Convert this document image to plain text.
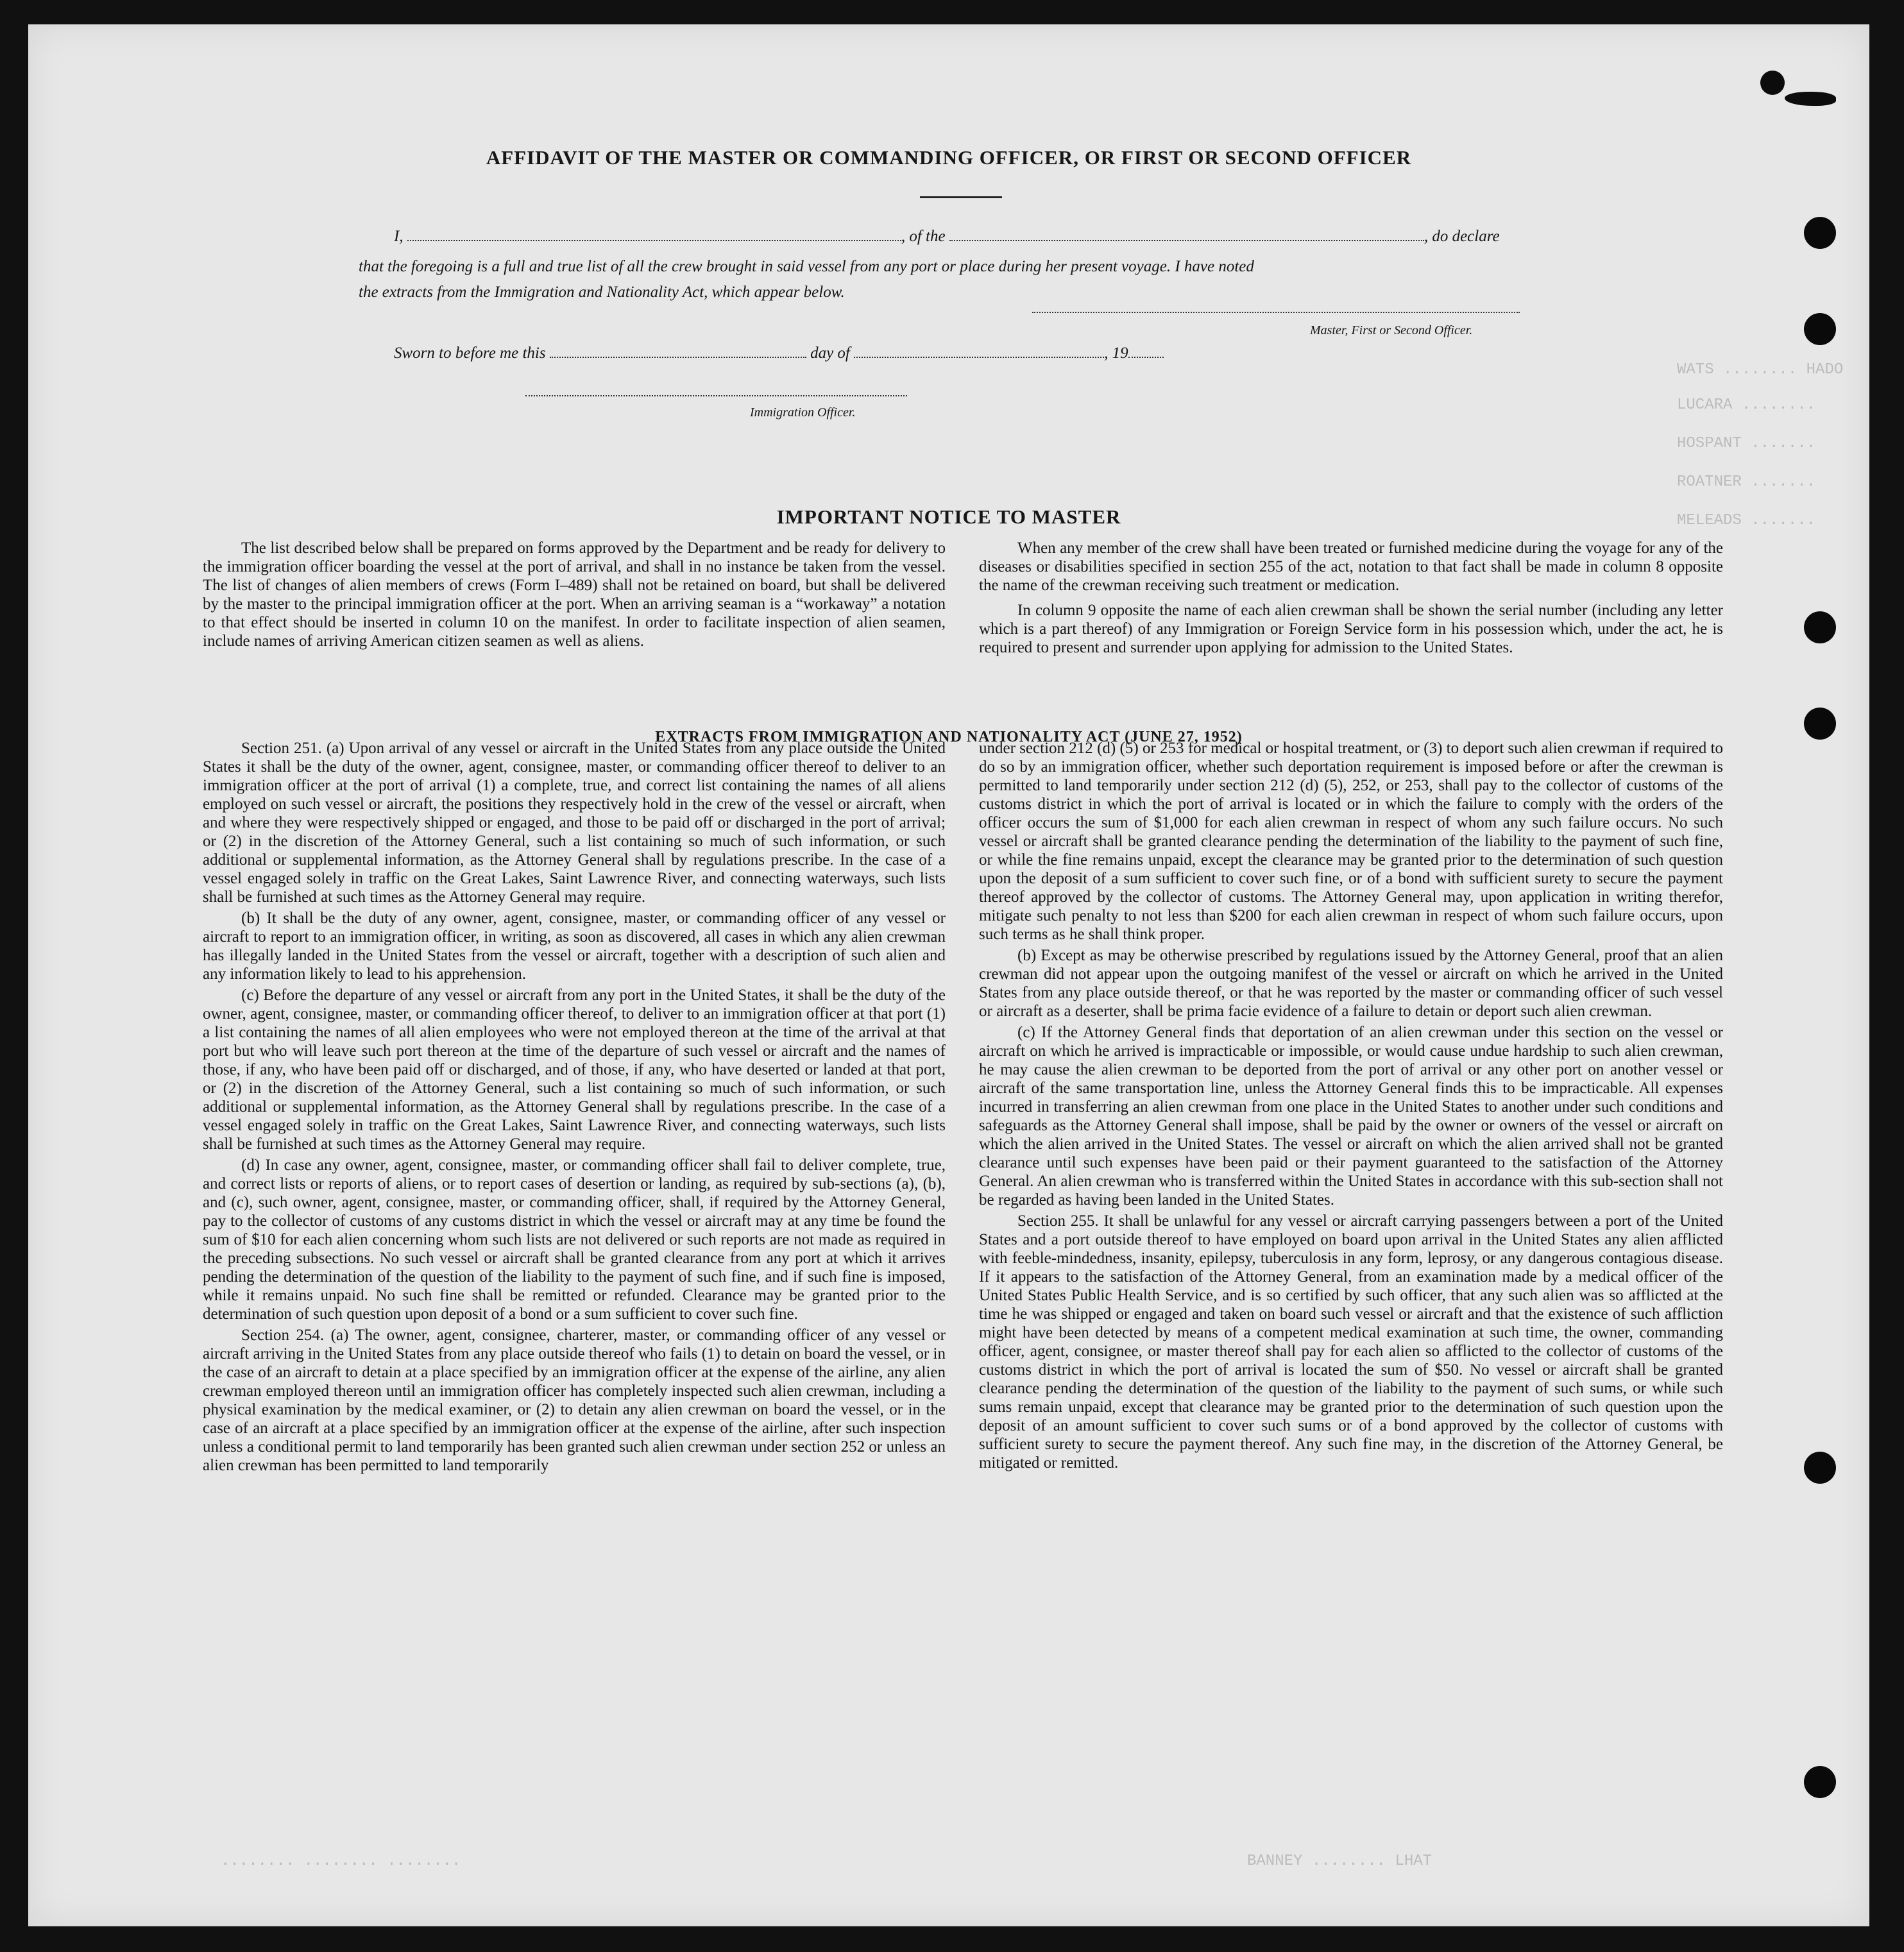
WATS ........ HADO
LUCARA ........
HOSPANT .......
ROATNER .......
MELEADS .......
........ ........ ........	BANNEY ........ LHAT
AFFIDAVIT OF THE MASTER OR COMMANDING OFFICER, OR FIRST OR SECOND OFFICER
I,	, of the	, do declare
that the foregoing is a full and true list of all the crew brought in said vessel from any port or place during her present voyage. I have noted
the extracts from the Immigration and Nationality Act, which appear below.
Master, First or Second Officer.
Sworn to before me this	day of	, 19
Immigration Officer.
IMPORTANT NOTICE TO MASTER

The list described below shall be prepared on forms approved by the Department and be ready for delivery to the immigration officer boarding the vessel at the port of arrival, and shall in no instance be taken from the vessel. The list of changes of alien members of crews (Form I–489) shall not be retained on board, but shall be delivered by the master to the principal immigration officer at the port. When an arriving seaman is a “workaway” a notation to that effect should be inserted in column 10 on the manifest. In order to facilitate inspection of alien seamen, include names of arriving American citizen seamen as well as aliens.

When any member of the crew shall have been treated or furnished medicine during the voyage for any of the diseases or disabilities specified in section 255 of the act, notation to that fact shall be made in column 8 opposite the name of the crewman receiving such treatment or medication.

In column 9 opposite the name of each alien crewman shall be shown the serial number (including any letter which is a part thereof) of any Immigration or Foreign Service form in his possession which, under the act, he is required to present and surrender upon applying for admission to the United States.

EXTRACTS FROM IMMIGRATION AND NATIONALITY ACT (JUNE 27, 1952)

Section 251. (a) Upon arrival of any vessel or aircraft in the United States from any place outside the United States it shall be the duty of the owner, agent, consignee, master, or commanding officer thereof to deliver to an immigration officer at the port of arrival (1) a complete, true, and correct list containing the names of all aliens employed on such vessel or aircraft, the positions they respectively hold in the crew of the vessel or aircraft, when and where they were respectively shipped or engaged, and those to be paid off or discharged in the port of arrival; or (2) in the discretion of the Attorney General, such a list containing so much of such information, or such additional or supplemental information, as the Attorney General shall by regulations prescribe. In the case of a vessel engaged solely in traffic on the Great Lakes, Saint Lawrence River, and connecting waterways, such lists shall be furnished at such times as the Attorney General may require.

(b) It shall be the duty of any owner, agent, consignee, master, or commanding officer of any vessel or aircraft to report to an immigration officer, in writing, as soon as discovered, all cases in which any alien crewman has illegally landed in the United States from the vessel or aircraft, together with a description of such alien and any information likely to lead to his apprehension.

(c) Before the departure of any vessel or aircraft from any port in the United States, it shall be the duty of the owner, agent, consignee, master, or commanding officer thereof, to deliver to an immigration officer at that port (1) a list containing the names of all alien employees who were not employed thereon at the time of the arrival at that port but who will leave such port thereon at the time of the departure of such vessel or aircraft and the names of those, if any, who have been paid off or discharged, and of those, if any, who have deserted or landed at that port, or (2) in the discretion of the Attorney General, such a list containing so much of such information, or such additional or supplemental information, as the Attorney General shall by regulations prescribe. In the case of a vessel engaged solely in traffic on the Great Lakes, Saint Lawrence River, and connecting waterways, such lists shall be furnished at such times as the Attorney General may require.

(d) In case any owner, agent, consignee, master, or commanding officer shall fail to deliver complete, true, and correct lists or reports of aliens, or to report cases of desertion or landing, as required by sub-sections (a), (b), and (c), such owner, agent, consignee, master, or commanding officer, shall, if required by the Attorney General, pay to the collector of customs of any customs district in which the vessel or aircraft may at any time be found the sum of $10 for each alien concerning whom such lists are not delivered or such reports are not made as required in the preceding subsections. No such vessel or aircraft shall be granted clearance from any port at which it arrives pending the determination of the question of the liability to the payment of such fine, and if such fine is imposed, while it remains unpaid. No such fine shall be remitted or refunded. Clearance may be granted prior to the determination of such question upon deposit of a bond or a sum sufficient to cover such fine.

Section 254. (a) The owner, agent, consignee, charterer, master, or commanding officer of any vessel or aircraft arriving in the United States from any place outside thereof who fails (1) to detain on board the vessel, or in the case of an aircraft to detain at a place specified by an immigration officer at the expense of the airline, any alien crewman employed thereon until an immigration officer has completely inspected such alien crewman, including a physical examination by the medical examiner, or (2) to detain any alien crewman on board the vessel, or in the case of an aircraft at a place specified by an immigration officer at the expense of the airline, after such inspection unless a conditional permit to land temporarily has been granted such alien crewman under section 252 or unless an alien crewman has been permitted to land temporarily

under section 212 (d) (5) or 253 for medical or hospital treatment, or (3) to deport such alien crewman if required to do so by an immigration officer, whether such deportation requirement is imposed before or after the crewman is permitted to land temporarily under section 212 (d) (5), 252, or 253, shall pay to the collector of customs of the customs district in which the port of arrival is located or in which the failure to comply with the orders of the officer occurs the sum of $1,000 for each alien crewman in respect of whom any such failure occurs. No such vessel or aircraft shall be granted clearance pending the determination of the liability to the payment of such fine, or while the fine remains unpaid, except the clearance may be granted prior to the determination of such question upon the deposit of a sum sufficient to cover such fine, or of a bond with sufficient surety to secure the payment thereof approved by the collector of customs. The Attorney General may, upon application in writing therefor, mitigate such penalty to not less than $200 for each alien crewman in respect of whom such failure occurs, upon such terms as he shall think proper.

(b) Except as may be otherwise prescribed by regulations issued by the Attorney General, proof that an alien crewman did not appear upon the outgoing manifest of the vessel or aircraft on which he arrived in the United States from any place outside thereof, or that he was reported by the master or commanding officer of such vessel or aircraft as a deserter, shall be prima facie evidence of a failure to detain or deport such alien crewman.

(c) If the Attorney General finds that deportation of an alien crewman under this section on the vessel or aircraft on which he arrived is impracticable or impossible, or would cause undue hardship to such alien crewman, he may cause the alien crewman to be deported from the port of arrival or any other port on another vessel or aircraft of the same transportation line, unless the Attorney General finds this to be impracticable. All expenses incurred in transferring an alien crewman from one place in the United States to another under such conditions and safeguards as the Attorney General shall impose, shall be paid by the owner or owners of the vessel or aircraft on which the alien arrived in the United States. The vessel or aircraft on which the alien arrived shall not be granted clearance until such expenses have been paid or their payment guaranteed to the satisfaction of the Attorney General. An alien crewman who is transferred within the United States in accordance with this sub-section shall not be regarded as having been landed in the United States.

Section 255. It shall be unlawful for any vessel or aircraft carrying passengers between a port of the United States and a port outside thereof to have employed on board upon arrival in the United States any alien afflicted with feeble-mindedness, insanity, epilepsy, tuberculosis in any form, leprosy, or any dangerous contagious disease. If it appears to the satisfaction of the Attorney General, from an examination made by a medical officer of the United States Public Health Service, and is so certified by such officer, that any such alien was so afflicted at the time he was shipped or engaged and taken on board such vessel or aircraft and that the existence of such affliction might have been detected by means of a competent medical examination at such time, the owner, commanding officer, agent, consignee, or master thereof shall pay for each alien so afflicted to the collector of customs of the customs district in which the port of arrival is located the sum of $50. No vessel or aircraft shall be granted clearance pending the determination of the question of the liability to the payment of such sums, or while such sums remain unpaid, except that clearance may be granted prior to the determination of such question upon the deposit of an amount sufficient to cover such sums or of a bond approved by the collector of customs with sufficient surety to secure the payment thereof. Any such fine may, in the discretion of the Attorney General, be mitigated or remitted.
